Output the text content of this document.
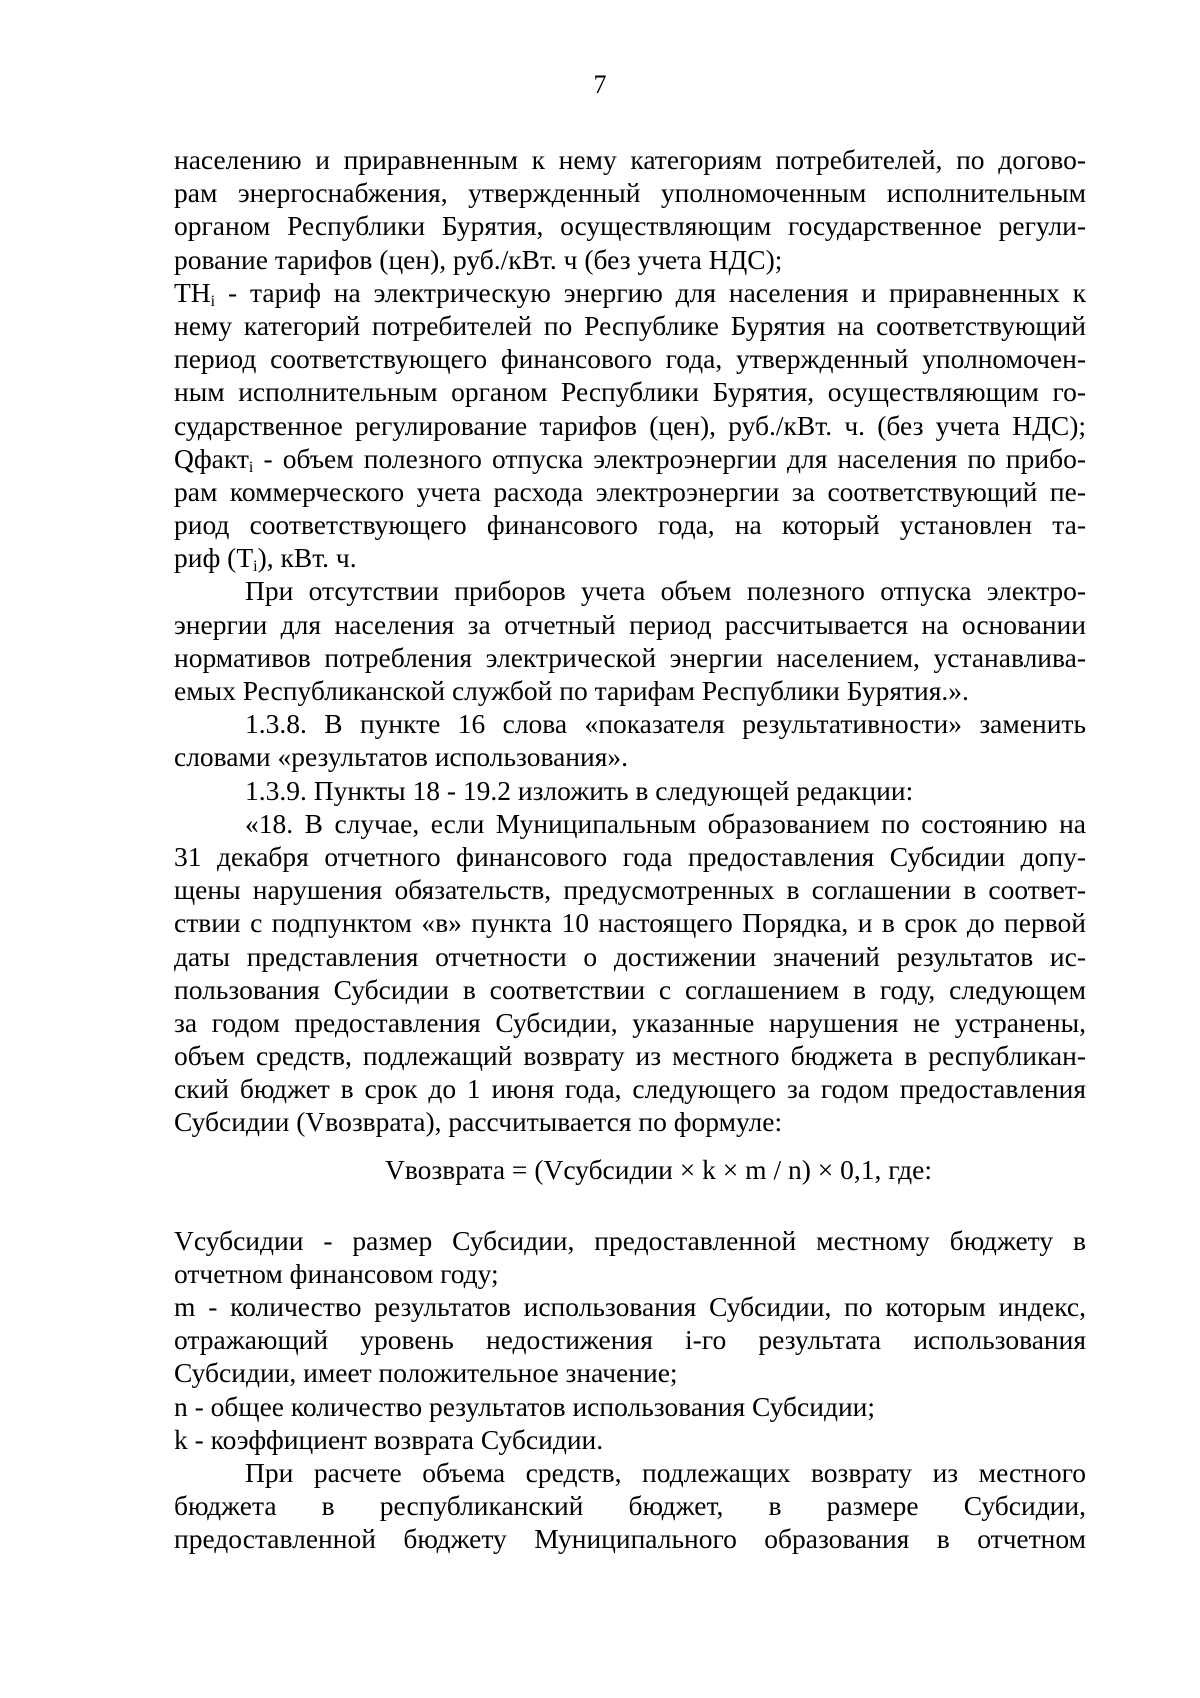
7
населению и приравненным к нему категориям потребителей, по догово-
рам энергоснабжения, утвержденный уполномоченным исполнительным
органом Республики Бурятия, осуществляющим государственное регули-
рование тарифов (цен), руб./кВт. ч (без учета НДС);
$ТН_i$ - тариф на электрическую энергию для населения и приравненных к
нему категорий потребителей по Республике Бурятия на соответствующий
период соответствующего финансового года, утвержденный уполномочен-
ным исполнительным органом Республики Бурятия, осуществляющим го-
сударственное регулирование тарифов (цен), руб./кВт. ч. (без учета НДС);
Qфакт$_i$ - объем полезного отпуска электроэнергии для населения по прибо-
рам коммерческого учета расхода электроэнергии за соответствующий пе-
риод соответствующего финансового года, на который установлен та-
риф $(Т_i)$, кВт. ч.
При отсутствии приборов учета объем полезного отпуска электро-
энергии для населения за отчетный период рассчитывается на основании
нормативов потребления электрической энергии населением, устанавлива-
емых Республиканской службой по тарифам Республики Бурятия.».
1.3.8. В пункте 16 слова «показателя результативности» заменить
словами «результатов использования».
1.3.9. Пункты 18 - 19.2 изложить в следующей редакции:
«18. В случае, если Муниципальным образованием по состоянию на
31 декабря отчетного финансового года предоставления Субсидии допу-
щены нарушения обязательств, предусмотренных в соглашении в соответ-
ствии с подпунктом «в» пункта 10 настоящего Порядка, и в срок до первой
даты представления отчетности о достижении значений результатов ис-
пользования Субсидии в соответствии с соглашением в году, следующем
за годом предоставления Субсидии, указанные нарушения не устранены,
объем средств, подлежащий возврату из местного бюджета в республикан-
ский бюджет в срок до 1 июня года, следующего за годом предоставления
Субсидии (Vвозврата), рассчитывается по формуле:
Vвозврата = (Vсубсидии × k × m / n) × 0,1, где:
Vсубсидии - размер Субсидии, предоставленной местному бюджету в
отчетном финансовом году;
m - количество результатов использования Субсидии, по которым индекс,
отражающий уровень недостижения i-го результата использования
Субсидии, имеет положительное значение;
n - общее количество результатов использования Субсидии;
k - коэффициент возврата Субсидии.
При расчете объема средств, подлежащих возврату из местного
бюджета в республиканский бюджет, в размере Субсидии,
предоставленной бюджету Муниципального образования в отчетном
